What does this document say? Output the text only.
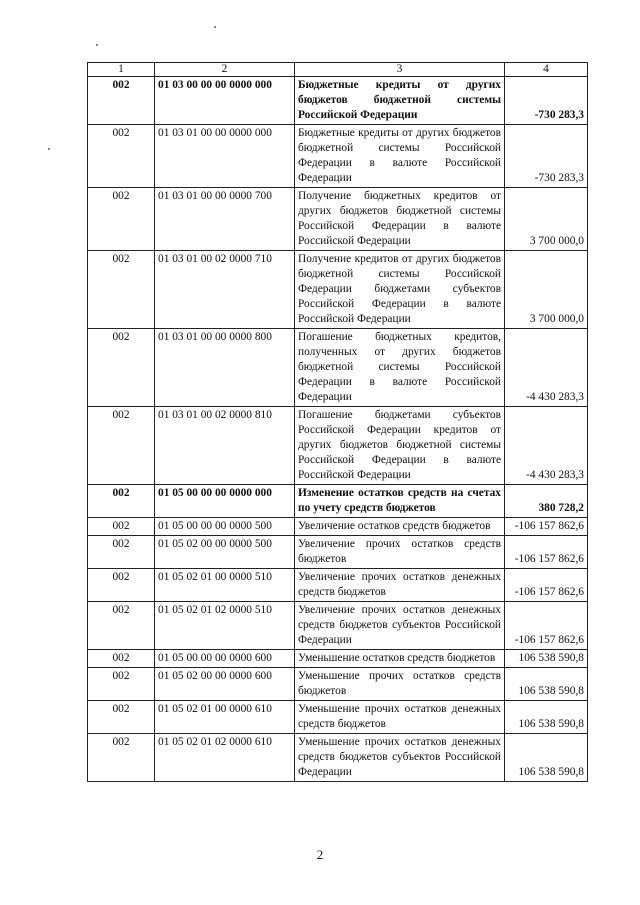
1	2	3	4
002	01 03 00 00 00 0000 000	Бюджетные кредиты от других бюджетов бюджетной системы Российской Федерации	-730 283,3
002	01 03 01 00 00 0000 000	Бюджетные кредиты от других бюджетов бюджетной системы Российской Федерации в валюте Российской Федерации	-730 283,3
002	01 03 01 00 00 0000 700	Получение бюджетных кредитов от других бюджетов бюджетной системы Российской Федерации в валюте Российской Федерации	3 700 000,0
002	01 03 01 00 02 0000 710	Получение кредитов от других бюджетов бюджетной системы Российской Федерации бюджетами субъектов Российской Федерации в валюте Российской Федерации	3 700 000,0
002	01 03 01 00 00 0000 800	Погашение бюджетных кредитов, полученных от других бюджетов бюджетной системы Российской Федерации в валюте Российской Федерации	-4 430 283,3
002	01 03 01 00 02 0000 810	Погашение бюджетами субъектов Российской Федерации кредитов от других бюджетов бюджетной системы Российской Федерации в валюте Российской Федерации	-4 430 283,3
002	01 05 00 00 00 0000 000	Изменение остатков средств на счетах по учету средств бюджетов	380 728,2
002	01 05 00 00 00 0000 500	Увеличение остатков средств бюджетов	-106 157 862,6
002	01 05 02 00 00 0000 500	Увеличение прочих остатков средств бюджетов	-106 157 862,6
002	01 05 02 01 00 0000 510	Увеличение прочих остатков денежных средств бюджетов	-106 157 862,6
002	01 05 02 01 02 0000 510	Увеличение прочих остатков денежных средств бюджетов субъектов Российской Федерации	-106 157 862,6
002	01 05 00 00 00 0000 600	Уменьшение остатков средств бюджетов	106 538 590,8
002	01 05 02 00 00 0000 600	Уменьшение прочих остатков средств бюджетов	106 538 590,8
002	01 05 02 01 00 0000 610	Уменьшение прочих остатков денежных средств бюджетов	106 538 590,8
002	01 05 02 01 02 0000 610	Уменьшение прочих остатков денежных средств бюджетов субъектов Российской Федерации	106 538 590,8
2
